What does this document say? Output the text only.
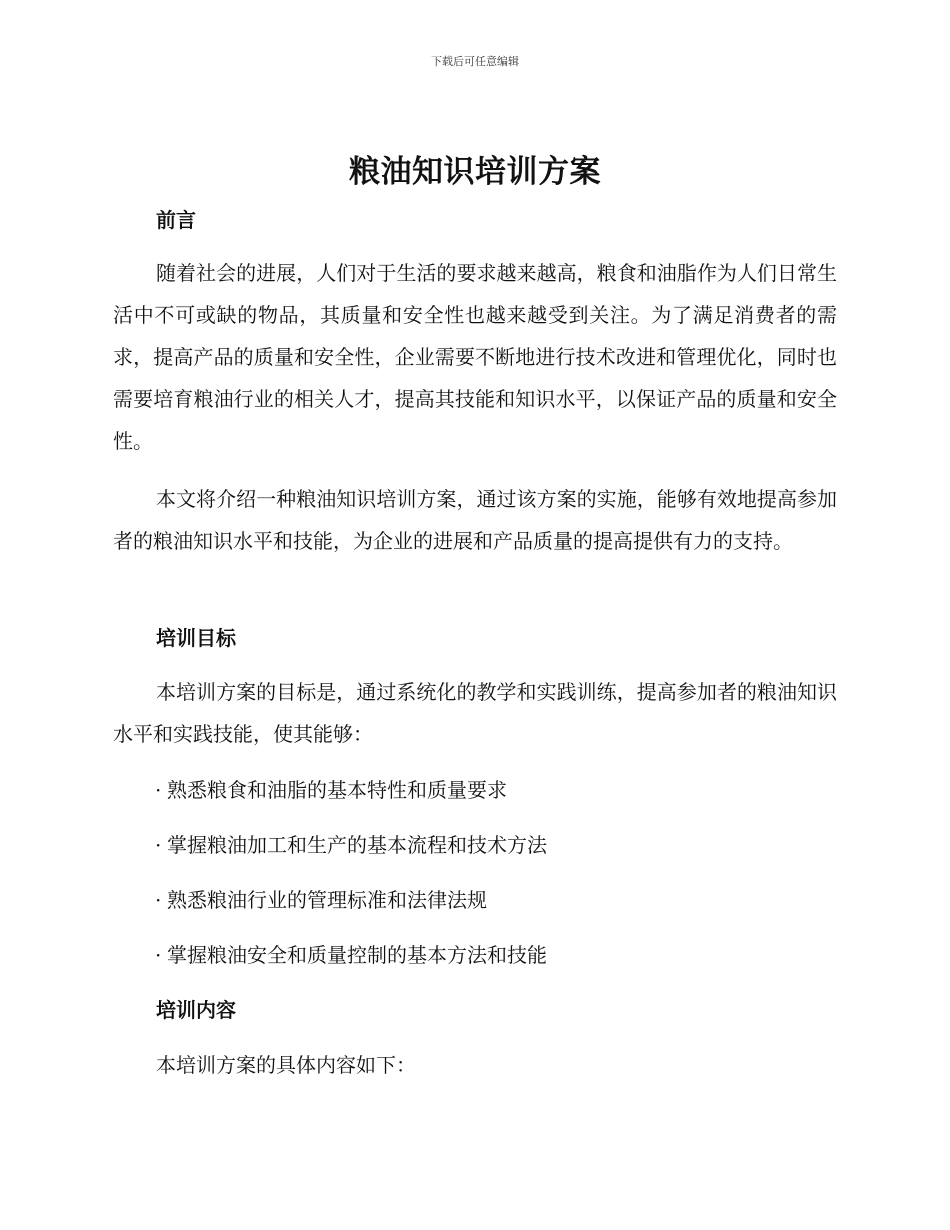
下载后可任意编辑
粮油知识培训方案
前言

随着社会的进展，人们对于生活的要求越来越高，粮食和油脂作为人们日常生活中不可或缺的物品，其质量和安全性也越来越受到关注。为了满足消费者的需求，提高产品的质量和安全性，企业需要不断地进行技术改进和管理优化，同时也需要培育粮油行业的相关人才，提高其技能和知识水平，以保证产品的质量和安全性。

本文将介绍一种粮油知识培训方案，通过该方案的实施，能够有效地提高参加者的粮油知识水平和技能，为企业的进展和产品质量的提高提供有力的支持。

培训目标

本培训方案的目标是，通过系统化的教学和实践训练，提高参加者的粮油知识水平和实践技能，使其能够：

· 熟悉粮食和油脂的基本特性和质量要求
· 掌握粮油加工和生产的基本流程和技术方法
· 熟悉粮油行业的管理标准和法律法规
· 掌握粮油安全和质量控制的基本方法和技能
培训内容
本培训方案的具体内容如下：
